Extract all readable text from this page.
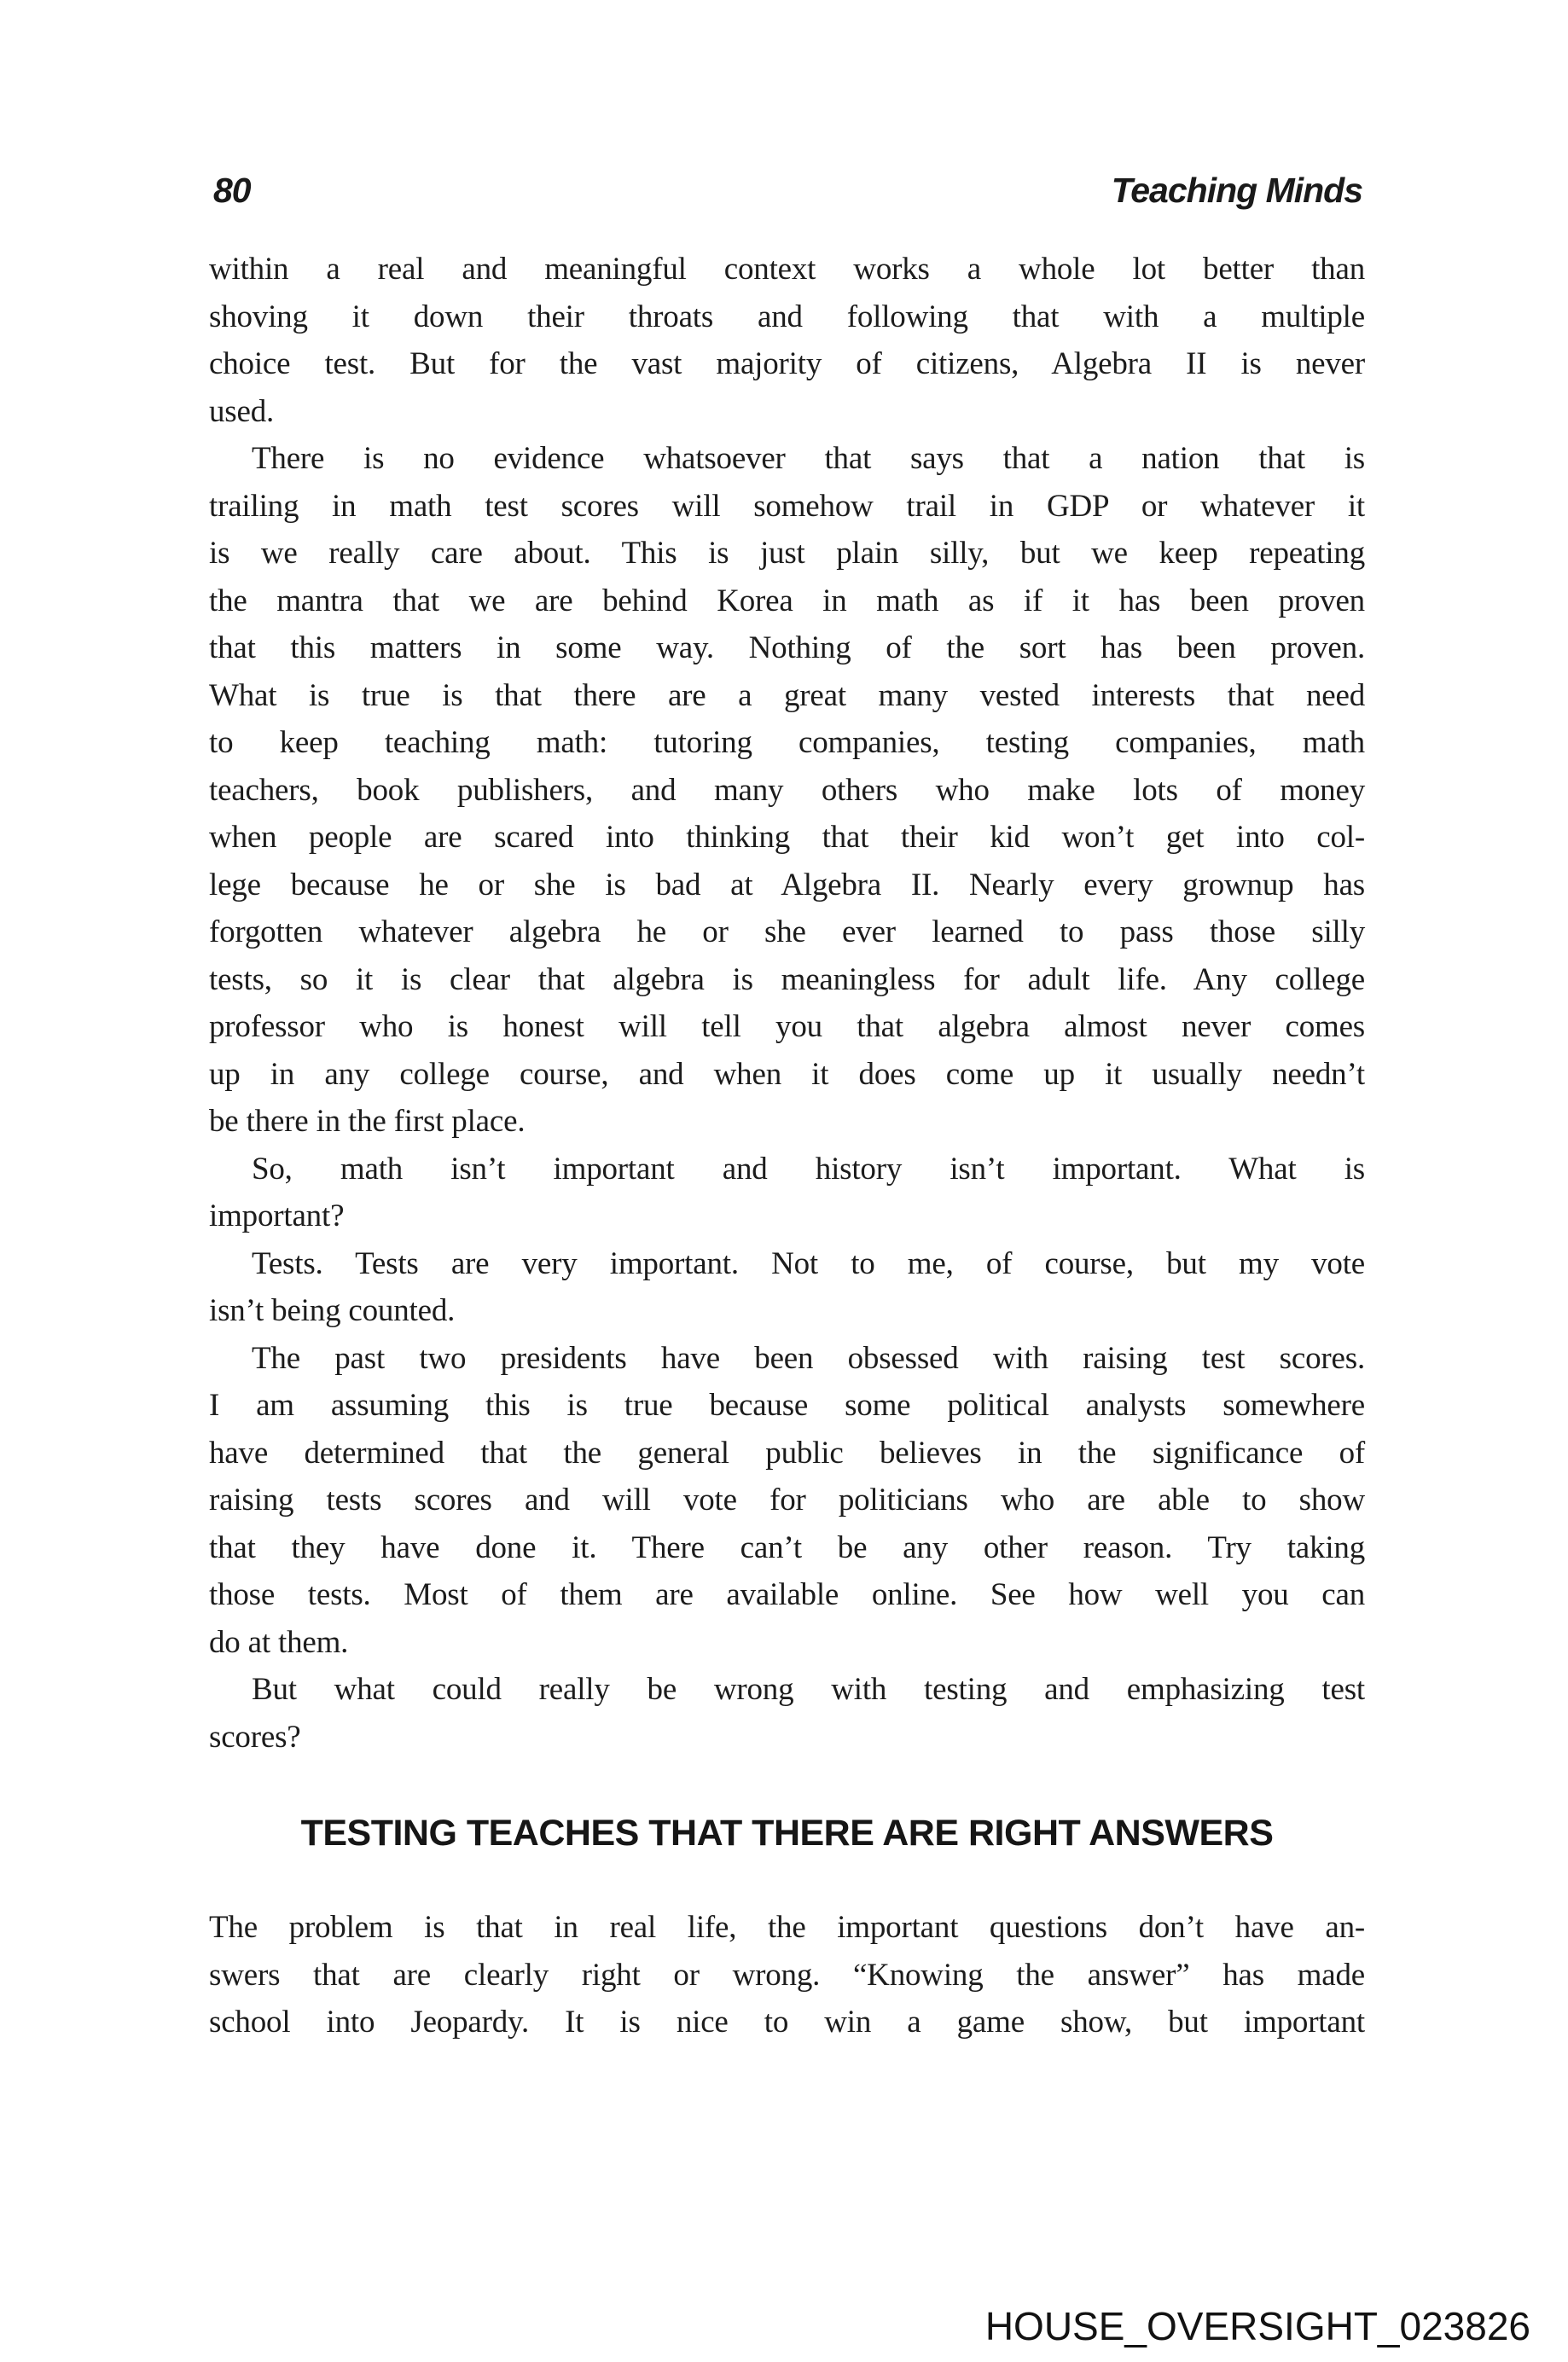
80	Teaching Minds
within a real and meaningful context works a whole lot better than
shoving it down their throats and following that with a multiple
choice test. But for the vast majority of citizens, Algebra II is never
used.
There is no evidence whatsoever that says that a nation that is
trailing in math test scores will somehow trail in GDP or whatever it
is we really care about. This is just plain silly, but we keep repeating
the mantra that we are behind Korea in math as if it has been proven
that this matters in some way. Nothing of the sort has been proven.
What is true is that there are a great many vested interests that need
to keep teaching math: tutoring companies, testing companies, math
teachers, book publishers, and many others who make lots of money
when people are scared into thinking that their kid won’t get into col-
lege because he or she is bad at Algebra II. Nearly every grownup has
forgotten whatever algebra he or she ever learned to pass those silly
tests, so it is clear that algebra is meaningless for adult life. Any college
professor who is honest will tell you that algebra almost never comes
up in any college course, and when it does come up it usually needn’t
be there in the first place.
So, math isn’t important and history isn’t important. What is
important?
Tests. Tests are very important. Not to me, of course, but my vote
isn’t being counted.
The past two presidents have been obsessed with raising test scores.
I am assuming this is true because some political analysts somewhere
have determined that the general public believes in the significance of
raising tests scores and will vote for politicians who are able to show
that they have done it. There can’t be any other reason. Try taking
those tests. Most of them are available online. See how well you can
do at them.
But what could really be wrong with testing and emphasizing test
scores?
TESTING TEACHES THAT THERE ARE RIGHT ANSWERS
The problem is that in real life, the important questions don’t have an-
swers that are clearly right or wrong. “Knowing the answer” has made
school into Jeopardy. It is nice to win a game show, but important
HOUSE_OVERSIGHT_023826
